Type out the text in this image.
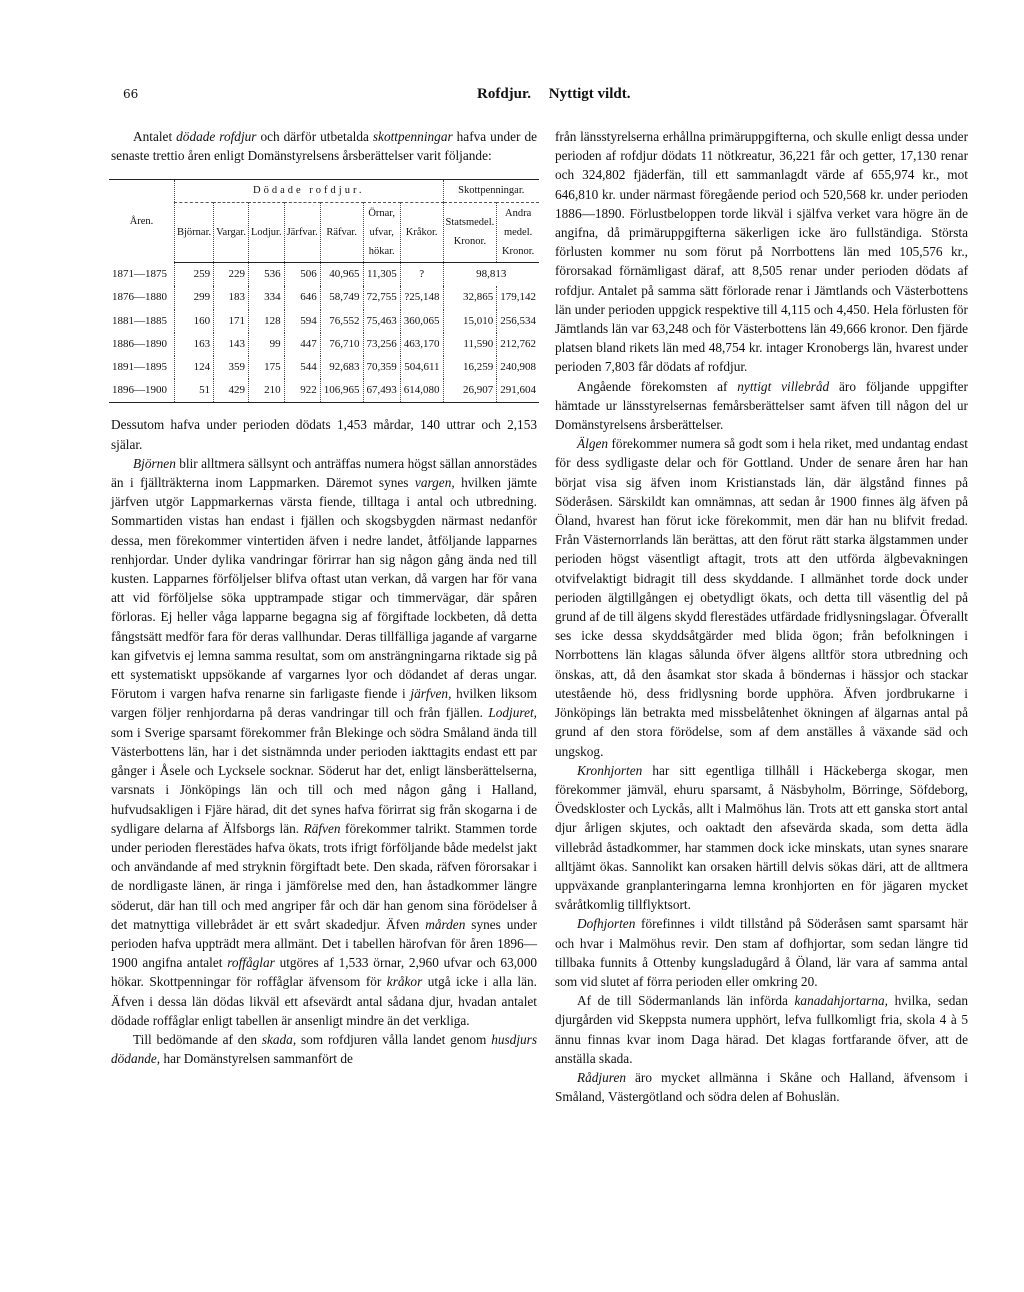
66	Rofdjur. Nyttigt vildt.

Antalet dödade rofdjur och därför utbetalda skottpenningar hafva under de senaste trettio åren enligt Domänstyrelsens årsberättelser varit följande:

Åren.	Dödade rofdjur.							Skottpenningar.	
	Björnar.	Vargar.	Lodjur.	Järfvar.	Räfvar.	Örnar, ufvar, hökar.	Kråkor.	Statsmedel. Kronor.	Andra medel. Kronor.
1871—1875	259	229	536	506	40,965	11,305	?	98,813	
1876—1880	299	183	334	646	58,749	72,755	?25,148	32,865	179,142
1881—1885	160	171	128	594	76,552	75,463	360,065	15,010	256,534
1886—1890	163	143	99	447	76,710	73,256	463,170	11,590	212,762
1891—1895	124	359	175	544	92,683	70,359	504,611	16,259	240,908
1896—1900	51	429	210	922	106,965	67,493	614,080	26,907	291,604

Dessutom hafva under perioden dödats 1,453 mårdar, 140 uttrar och 2,153 själar.

Björnen blir alltmera sällsynt och anträffas numera högst sällan annorstädes än i fjällträkterna inom Lappmarken. Däremot synes vargen, hvilken jämte järfven utgör Lappmarkernas värsta fiende, tilltaga i antal och utbredning. Sommartiden vistas han endast i fjällen och skogsbygden närmast nedanför dessa, men förekommer vintertiden äfven i nedre landet, åtföljande lapparnes renhjordar. Under dylika vandringar förirrar han sig någon gång ända ned till kusten. Lapparnes förföljelser blifva oftast utan verkan, då vargen har för vana att vid förföljelse söka upptrampade stigar och timmervägar, där spåren förloras. Ej heller våga lapparne begagna sig af förgiftade lockbeten, då detta fångstsätt medför fara för deras vallhundar. Deras tillfälliga jagande af vargarne kan gifvetvis ej lemna samma resultat, som om ansträngningarna riktade sig på ett systematiskt uppsökande af vargarnes lyor och dödandet af deras ungar. Förutom i vargen hafva renarne sin farligaste fiende i järfven, hvilken liksom vargen följer renhjordarna på deras vandringar till och från fjällen. Lodjuret, som i Sverige sparsamt förekommer från Blekinge och södra Småland ända till Västerbottens län, har i det sistnämnda under perioden iakttagits endast ett par gånger i Åsele och Lycksele socknar. Söderut har det, enligt länsberättelserna, varsnats i Jönköpings län och till och med någon gång i Halland, hufvudsakligen i Fjäre härad, dit det synes hafva förirrat sig från skogarna i de sydligare delarna af Älfsborgs län. Räfven förekommer talrikt. Stammen torde under perioden flerestädes hafva ökats, trots ifrigt förföljande både medelst jakt och användande af med stryknin förgiftadt bete. Den skada, räfven förorsakar i de nordligaste länen, är ringa i jämförelse med den, han åstadkommer längre söderut, där han till och med angriper får och där han genom sina förödelser å det matnyttiga villebrådet är ett svårt skadedjur. Äfven mården synes under perioden hafva uppträdt mera allmänt. Det i tabellen härofvan för åren 1896—1900 angifna antalet roffåglar utgöres af 1,533 örnar, 2,960 ufvar och 63,000 hökar. Skottpenningar för roffåglar äfvensom för kråkor utgå icke i alla län. Äfven i dessa län dödas likväl ett afsevärdt antal sådana djur, hvadan antalet dödade roffåglar enligt tabellen är ansenligt mindre än det verkliga.

Till bedömande af den skada, som rofdjuren vålla landet genom husdjurs dödande, har Domänstyrelsen sammanfört de

från länsstyrelserna erhållna primäruppgifterna, och skulle enligt dessa under perioden af rofdjur dödats 11 nötkreatur, 36,221 får och getter, 17,130 renar och 324,802 fjäderfän, till ett sammanlagdt värde af 655,974 kr., mot 646,810 kr. under närmast föregående period och 520,568 kr. under perioden 1886—1890. Förlustbeloppen torde likväl i själfva verket vara högre än de angifna, då primäruppgifterna säkerligen icke äro fullständiga. Största förlusten kommer nu som förut på Norrbottens län med 105,576 kr., förorsakad förnämligast däraf, att 8,505 renar under perioden dödats af rofdjur. Antalet på samma sätt förlorade renar i Jämtlands och Västerbottens län under perioden uppgick respektive till 4,115 och 4,450. Hela förlusten för Jämtlands län var 63,248 och för Västerbottens län 49,666 kronor. Den fjärde platsen bland rikets län med 48,754 kr. intager Kronobergs län, hvarest under perioden 7,803 får dödats af rofdjur.

Angående förekomsten af nyttigt villebråd äro följande uppgifter hämtade ur länsstyrelsernas femårsberättelser samt äfven till någon del ur Domänstyrelsens årsberättelser.

Älgen förekommer numera så godt som i hela riket, med undantag endast för dess sydligaste delar och för Gottland. Under de senare åren har han börjat visa sig äfven inom Kristianstads län, där älgstånd finnes på Söderåsen. Särskildt kan omnämnas, att sedan år 1900 finnes älg äfven på Öland, hvarest han förut icke förekommit, men där han nu blifvit fredad. Från Västernorrlands län berättas, att den förut rätt starka älgstammen under perioden högst väsentligt aftagit, trots att den utförda älgbevakningen otvifvelaktigt bidragit till dess skyddande. I allmänhet torde dock under perioden älgtillgången ej obetydligt ökats, och detta till väsentlig del på grund af de till älgens skydd flerestädes utfärdade fridlysningslagar. Öfverallt ses icke dessa skyddsåtgärder med blida ögon; från befolkningen i Norrbottens län klagas sålunda öfver älgens alltför stora utbredning och önskas, att, då den åsamkat stor skada å böndernas i hässjor och stackar utestående hö, dess fridlysning borde upphöra. Äfven jordbrukarne i Jönköpings län betrakta med missbelåtenhet ökningen af älgarnas antal på grund af den stora förödelse, som af dem anställes å växande säd och ungskog.

Kronhjorten har sitt egentliga tillhåll i Häckeberga skogar, men förekommer jämväl, ehuru sparsamt, å Näsbyholm, Börringe, Söfdeborg, Övedskloster och Lyckås, allt i Malmöhus län. Trots att ett ganska stort antal djur årligen skjutes, och oaktadt den afsevärda skada, som detta ädla villebråd åstadkommer, har stammen dock icke minskats, utan synes snarare alltjämt ökas. Sannolikt kan orsaken härtill delvis sökas däri, att de alltmera uppväxande granplanteringarna lemna kronhjorten en för jägaren mycket svåråtkomlig tillflyktsort.

Dofhjorten förefinnes i vildt tillstånd på Söderåsen samt sparsamt här och hvar i Malmöhus revir. Den stam af dofhjortar, som sedan längre tid tillbaka funnits å Ottenby kungsladugård å Öland, lär vara af samma antal som vid slutet af förra perioden eller omkring 20.

Af de till Södermanlands län införda kanadahjortarna, hvilka, sedan djurgården vid Skeppsta numera upphört, lefva fullkomligt fria, skola 4 à 5 ännu finnas kvar inom Daga härad. Det klagas fortfarande öfver, att de anställa skada.

Rådjuren äro mycket allmänna i Skåne och Halland, äfvensom i Småland, Västergötland och södra delen af Bohuslän.
